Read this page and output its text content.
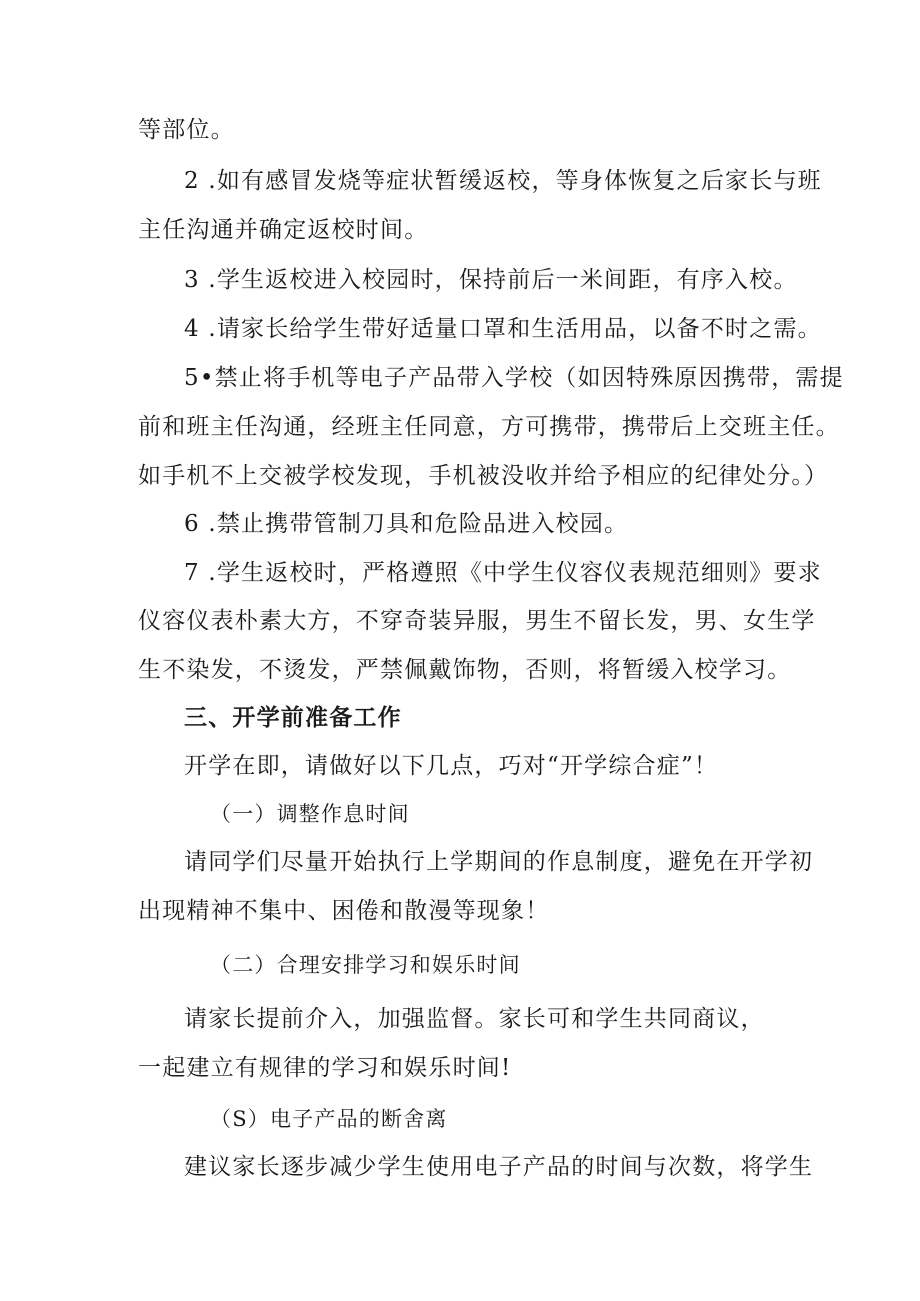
等部位。
2 .如有感冒发烧等症状暂缓返校，等身体恢复之后家长与班
主任沟通并确定返校时间。
3 .学生返校进入校园时，保持前后一米间距，有序入校。
4 .请家长给学生带好适量口罩和生活用品，以备不时之需。
5•禁止将手机等电子产品带入学校（如因特殊原因携带，需提
前和班主任沟通，经班主任同意，方可携带，携带后上交班主任。
如手机不上交被学校发现，手机被没收并给予相应的纪律处分。）
6 .禁止携带管制刀具和危险品进入校园。
7 .学生返校时，严格遵照《中学生仪容仪表规范细则》要求
仪容仪表朴素大方，不穿奇装异服，男生不留长发，男、女生学
生不染发，不烫发，严禁佩戴饰物，否则，将暂缓入校学习。
三、开学前准备工作
开学在即，请做好以下几点，巧对“开学综合症”！
（一）调整作息时间
请同学们尽量开始执行上学期间的作息制度，避免在开学初
出现精神不集中、困倦和散漫等现象！
（二）合理安排学习和娱乐时间
请家长提前介入，加强监督。家长可和学生共同商议，
一起建立有规律的学习和娱乐时间!
（S）电子产品的断舍离
建议家长逐步减少学生使用电子产品的时间与次数，将学生
